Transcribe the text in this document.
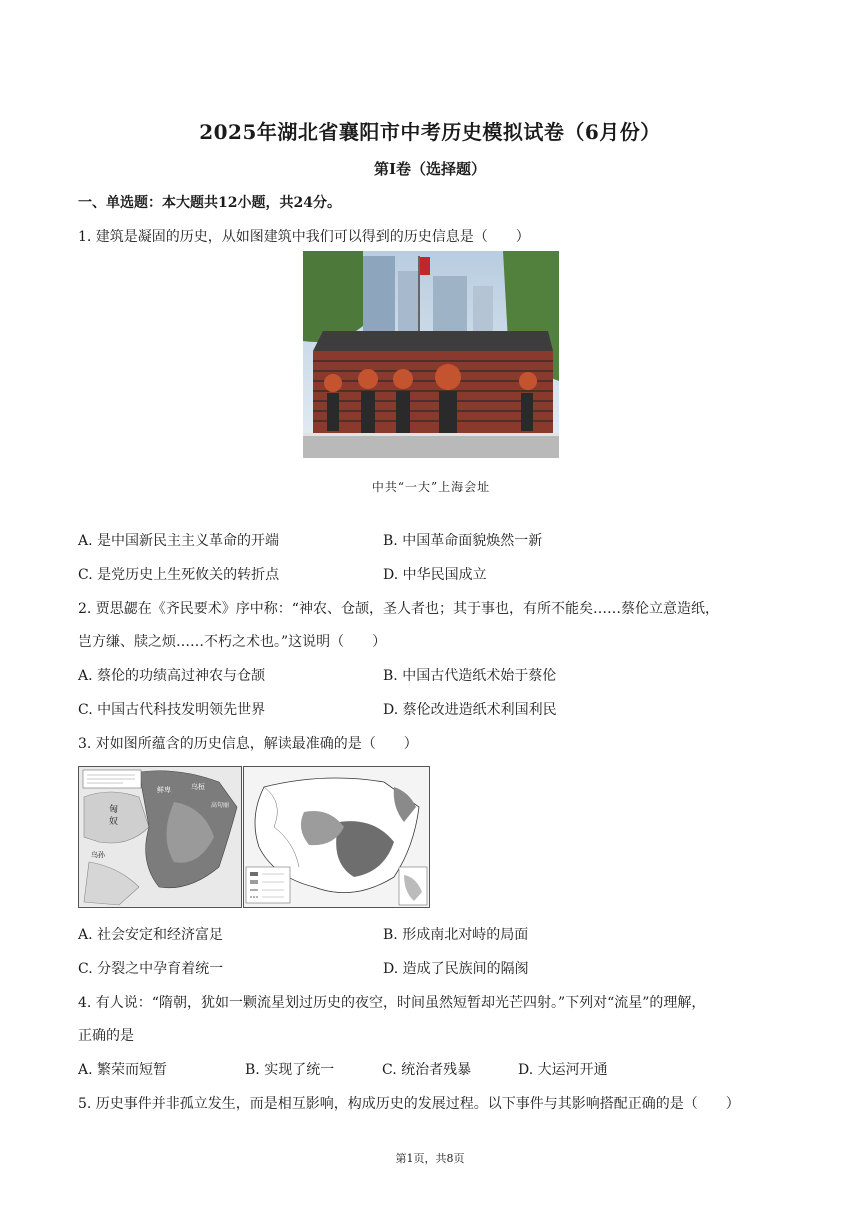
2025年湖北省襄阳市中考历史模拟试卷（6月份）
第I卷（选择题）
一、单选题：本大题共12小题，共24分。
1. 建筑是凝固的历史，从如图建筑中我们可以得到的历史信息是（　　）
中共“一大”上海会址
A. 是中国新民主主义革命的开端	B. 中国革命面貌焕然一新
C. 是党历史上生死攸关的转折点	D. 中华民国成立
2. 贾思勰在《齐民要术》序中称：“神农、仓颉，圣人者也；其于事也，有所不能矣……蔡伦立意造纸，
岂方缣、牍之烦……不朽之术也。”这说明（　　）
A. 蔡伦的功绩高过神农与仓颉	B. 中国古代造纸术始于蔡伦
C. 中国古代科技发明领先世界	D. 蔡伦改进造纸术利国利民
3. 对如图所蕴含的历史信息，解读最准确的是（　　）
匈
奴
乌孙
鲜卑	乌桓
高句丽
A. 社会安定和经济富足	B. 形成南北对峙的局面
C. 分裂之中孕育着统一	D. 造成了民族间的隔阂
4. 有人说：“隋朝，犹如一颗流星划过历史的夜空，时间虽然短暂却光芒四射。”下列对“流星”的理解，
正确的是
A. 繁荣而短暂	B. 实现了统一	C. 统治者残暴	D. 大运河开通
5. 历史事件并非孤立发生，而是相互影响，构成历史的发展过程。以下事件与其影响搭配正确的是（　　）
第1页，共8页
